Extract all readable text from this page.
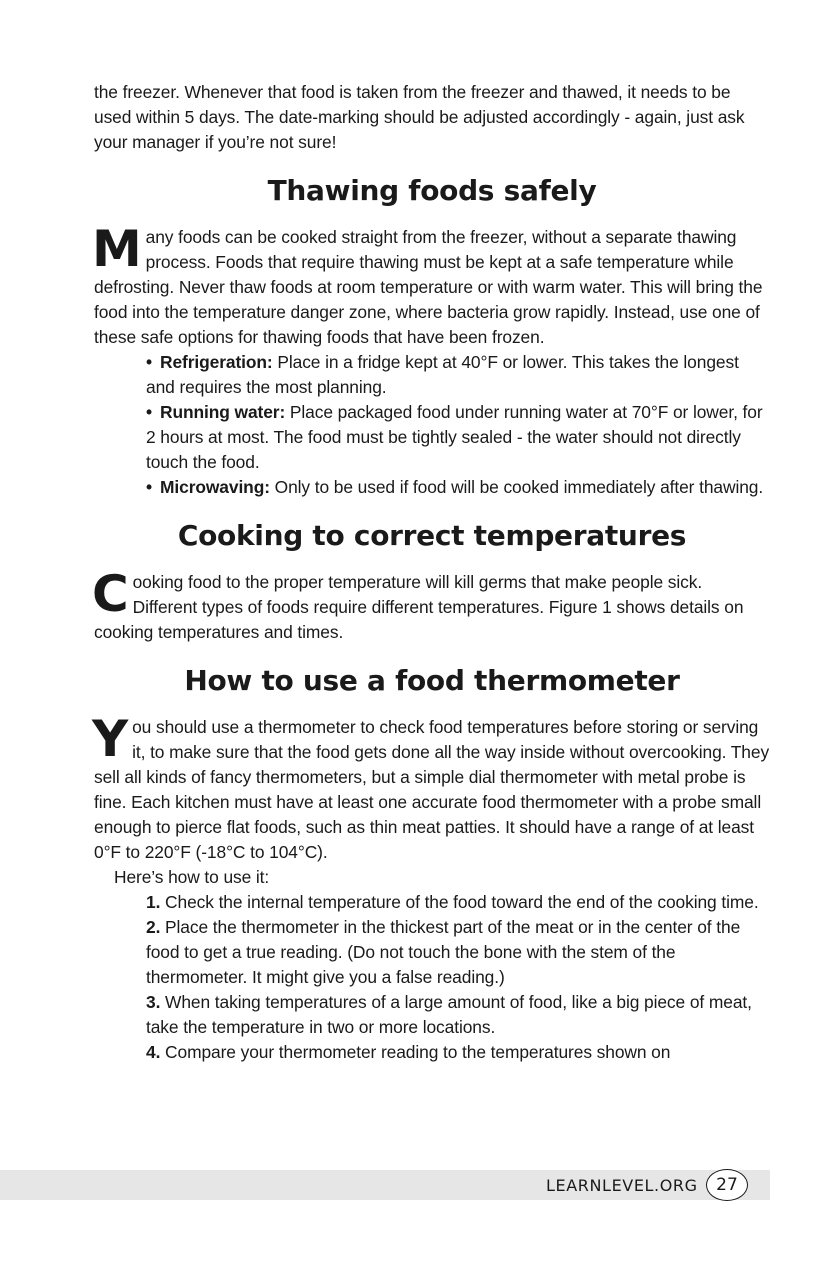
the freezer. Whenever that food is taken from the freezer and thawed, it needs to be used within 5 days. The date-marking should be adjusted accordingly - again, just ask your manager if you’re not sure!

Thawing foods safely

Many foods can be cooked straight from the freezer, without a separate thawing process. Foods that require thawing must be kept at a safe temperature while defrosting. Never thaw foods at room temperature or with warm water. This will bring the food into the temperature danger zone, where bacteria grow rapidly. Instead, use one of these safe options for thawing foods that have been frozen.

• Refrigeration: Place in a fridge kept at 40°F or lower. This takes the longest and requires the most planning.
• Running water: Place packaged food under running water at 70°F or lower, for 2 hours at most. The food must be tightly sealed - the water should not directly touch the food.
• Microwaving: Only to be used if food will be cooked immediately after thawing.
Cooking to correct temperatures

Cooking food to the proper temperature will kill germs that make people sick. Different types of foods require different temperatures. Figure 1 shows details on cooking temperatures and times.

How to use a food thermometer

You should use a thermometer to check food temperatures before storing or serving it, to make sure that the food gets done all the way inside without overcooking. They sell all kinds of fancy thermometers, but a simple dial thermometer with metal probe is fine. Each kitchen must have at least one accurate food thermometer with a probe small enough to pierce flat foods, such as thin meat patties. It should have a range of at least 0°F to 220°F (-18°C to 104°C).

Here’s how to use it:

1. Check the internal temperature of the food toward the end of the cooking time.
2. Place the thermometer in the thickest part of the meat or in the center of the food to get a true reading. (Do not touch the bone with the stem of the thermometer. It might give you a false reading.)
3. When taking temperatures of a large amount of food, like a big piece of meat, take the temperature in two or more locations.
4. Compare your thermometer reading to the temperatures shown on
LEARNLEVEL.ORG	27
